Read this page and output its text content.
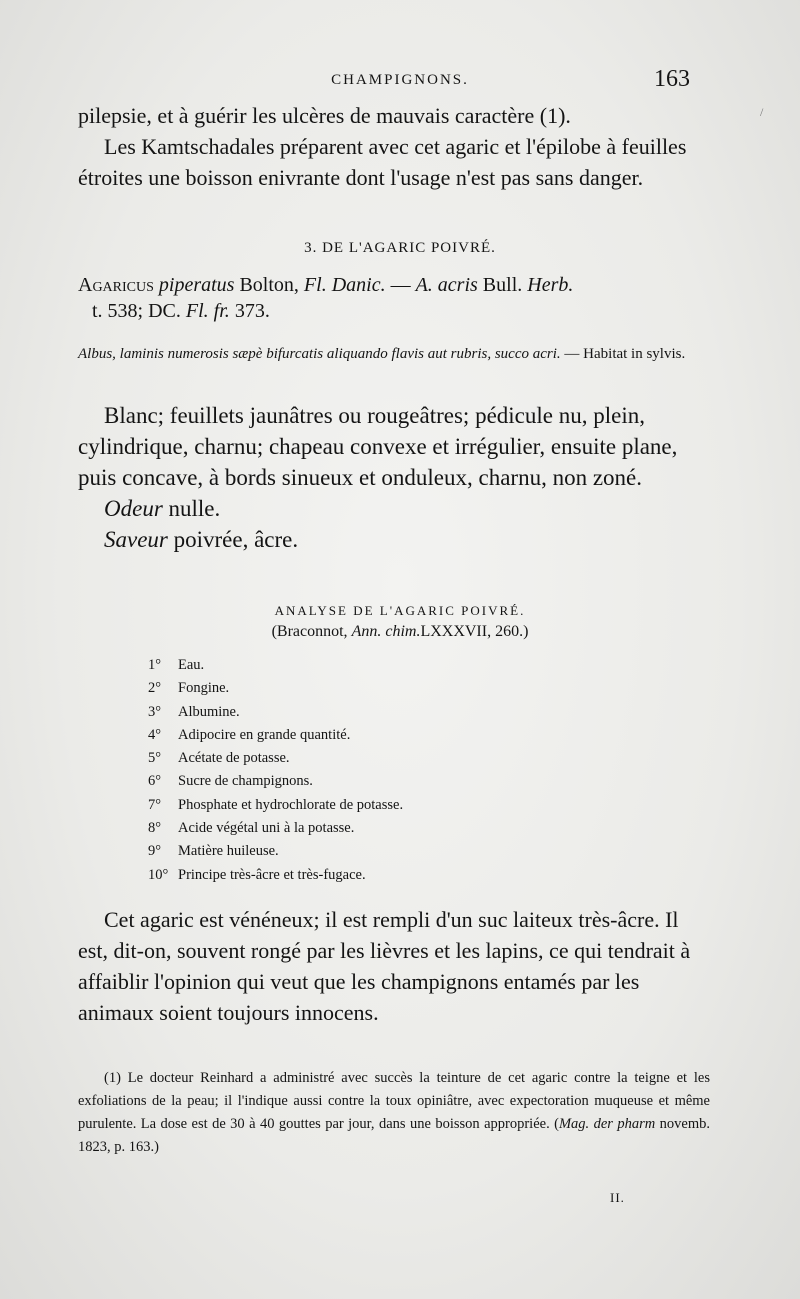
CHAMPIGNONS.	163
/

pilepsie, et à guérir les ulcères de mauvais caractère (1).

Les Kamtschadales préparent avec cet agaric et l'épilobe à feuilles étroites une boisson enivrante dont l'usage n'est pas sans danger.

3. DE L'AGARIC POIVRÉ.
Agaricus piperatus Bolton, Fl. Danic. — A. acris Bull. Herb.
t. 538; DC. Fl. fr. 373.
Albus, laminis numerosis sæpè bifurcatis aliquando flavis aut rubris, succo acri. — Habitat in sylvis.

Blanc; feuillets jaunâtres ou rougeâtres; pédicule nu, plein, cylindrique, charnu; chapeau convexe et irrégulier, ensuite plane, puis concave, à bords sinueux et onduleux, charnu, non zoné.

Odeur nulle.

Saveur poivrée, âcre.

ANALYSE DE L'AGARIC POIVRÉ.
(Braconnot, Ann. chim.LXXXVII, 260.)
1° Eau.
2° Fongine.
3° Albumine.
4° Adipocire en grande quantité.
5° Acétate de potasse.
6° Sucre de champignons.
7° Phosphate et hydrochlorate de potasse.
8° Acide végétal uni à la potasse.
9° Matière huileuse.
10° Principe très-âcre et très-fugace.

Cet agaric est vénéneux; il est rempli d'un suc laiteux très-âcre. Il est, dit-on, souvent rongé par les lièvres et les lapins, ce qui tendrait à affaiblir l'opinion qui veut que les champignons entamés par les animaux soient toujours innocens.

(1) Le docteur Reinhard a administré avec succès la teinture de cet agaric contre la teigne et les exfoliations de la peau; il l'indique aussi contre la toux opiniâtre, avec expectoration muqueuse et même purulente. La dose est de 30 à 40 gouttes par jour, dans une boisson appropriée. (Mag. der pharm novemb. 1823, p. 163.)

II.
